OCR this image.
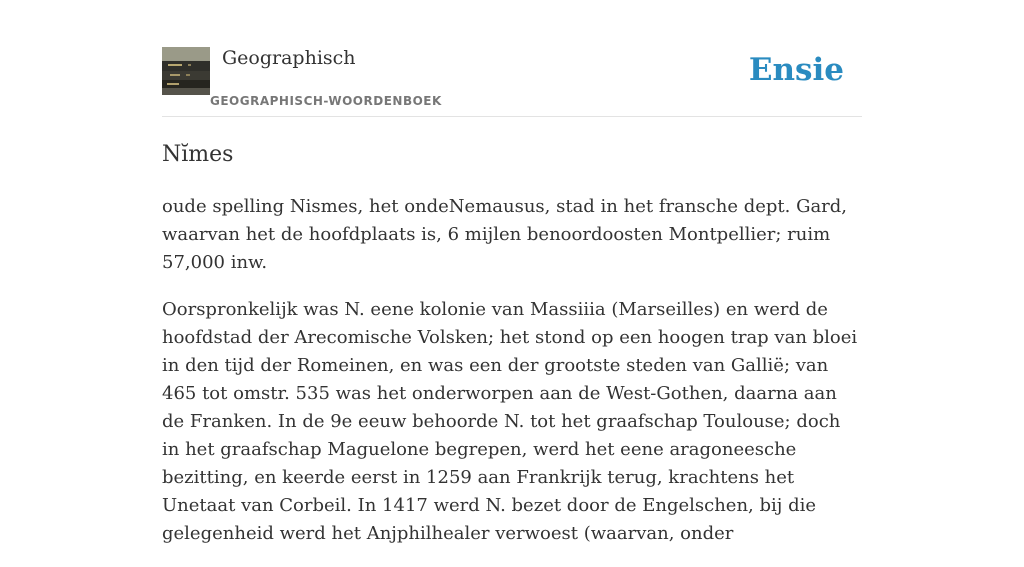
Geographisch
GEOGRAPHISCH-WOORDENBOEK
Ensie
Nĭmes

oude spelling Nismes, het ondeNemausus, stad in het fransche dept. Gard, waarvan het de hoofdplaats is, 6 mijlen benoordoosten Montpellier; ruim 57,000 inw.

Oorspronkelijk was N. eene kolonie van Massiiia (Marseilles) en werd de hoofdstad der Arecomische Volsken; het stond op een hoogen trap van bloei in den tijd der Romeinen, en was een der grootste steden van Gallië; van 465 tot omstr. 535 was het onderworpen aan de West-Gothen, daarna aan de Franken. In de 9e eeuw behoorde N. tot het graafschap Toulouse; doch in het graafschap Maguelone begrepen, werd het eene aragoneesche bezitting, en keerde eerst in 1259 aan Frankrijk terug, krachtens het Unetaat van Corbeil. In 1417 werd N. bezet door de Engelschen, bij die gelegenheid werd het Anjphilhealer verwoest (waarvan, onder
